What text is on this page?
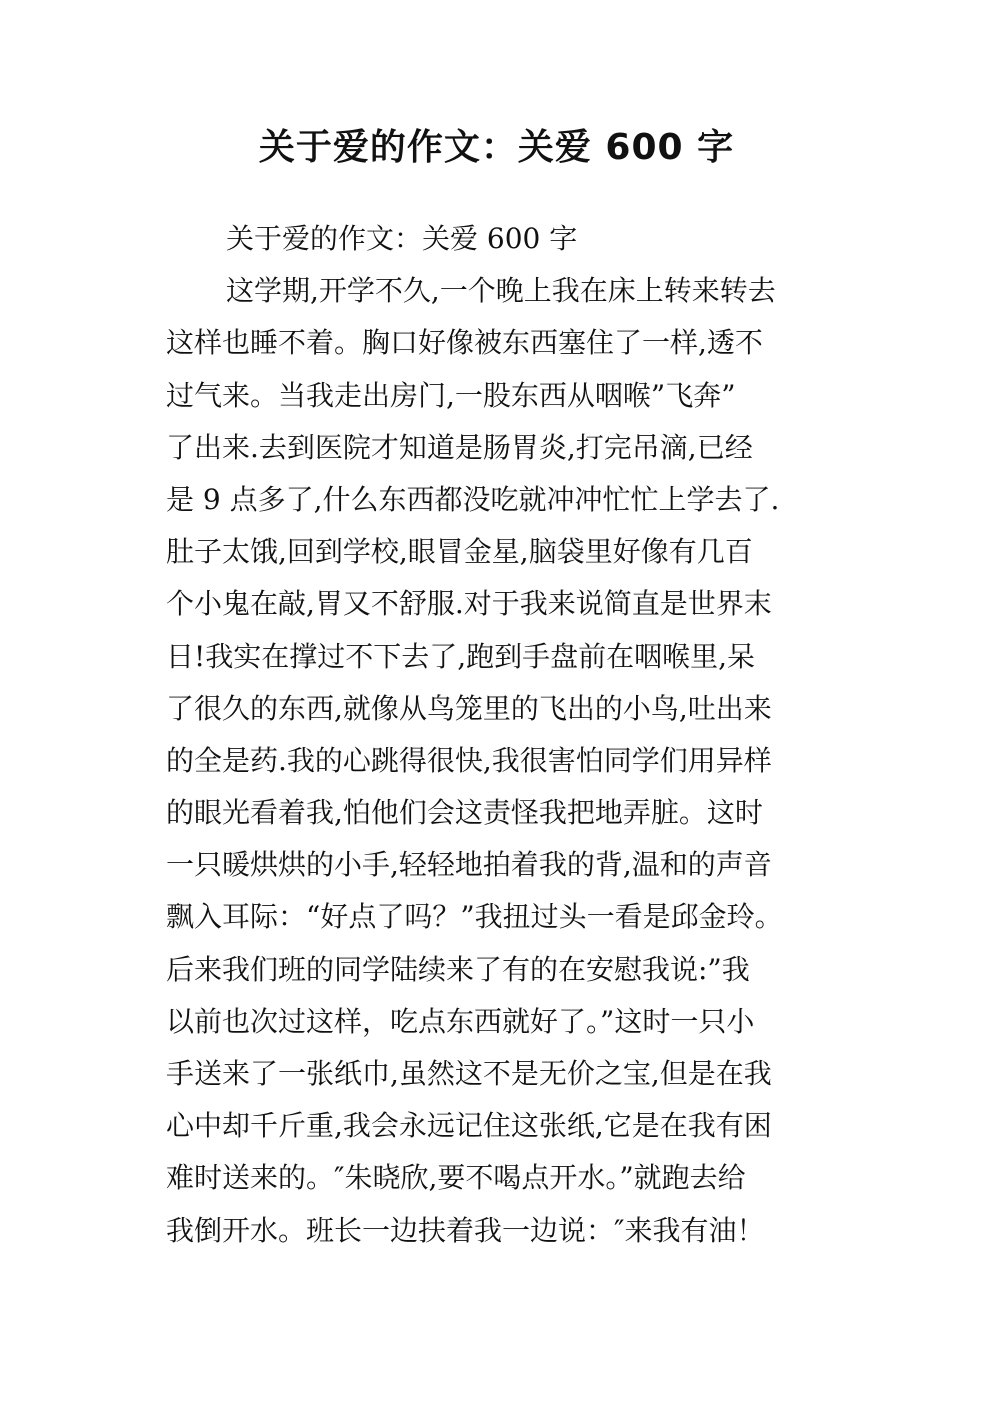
关于爱的作文：关爱 600 字
关于爱的作文：关爱 600 字
这学期,开学不久,一个晚上我在床上转来转去
这样也睡不着。胸口好像被东西塞住了一样,透不
过气来。当我走出房门,一股东西从咽喉”飞奔”
了出来.去到医院才知道是肠胃炎,打完吊滴,已经
是 9 点多了,什么东西都没吃就冲冲忙忙上学去了.
肚子太饿,回到学校,眼冒金星,脑袋里好像有几百
个小鬼在敲,胃又不舒服.对于我来说简直是世界末
日!我实在撑过不下去了,跑到手盘前在咽喉里,呆
了很久的东西,就像从鸟笼里的飞出的小鸟,吐出来
的全是药.我的心跳得很快,我很害怕同学们用异样
的眼光看着我,怕他们会这责怪我把地弄脏。这时
一只暖烘烘的小手,轻轻地拍着我的背,温和的声音
飘入耳际：“好点了吗？”我扭过头一看是邱金玲。
后来我们班的同学陆续来了有的在安慰我说:”我
以前也次过这样，吃点东西就好了。”这时一只小
手送来了一张纸巾,虽然这不是无价之宝,但是在我
心中却千斤重,我会永远记住这张纸,它是在我有困
难时送来的。″朱晓欣,要不喝点开水。”就跑去给
我倒开水。班长一边扶着我一边说：″来我有油！
